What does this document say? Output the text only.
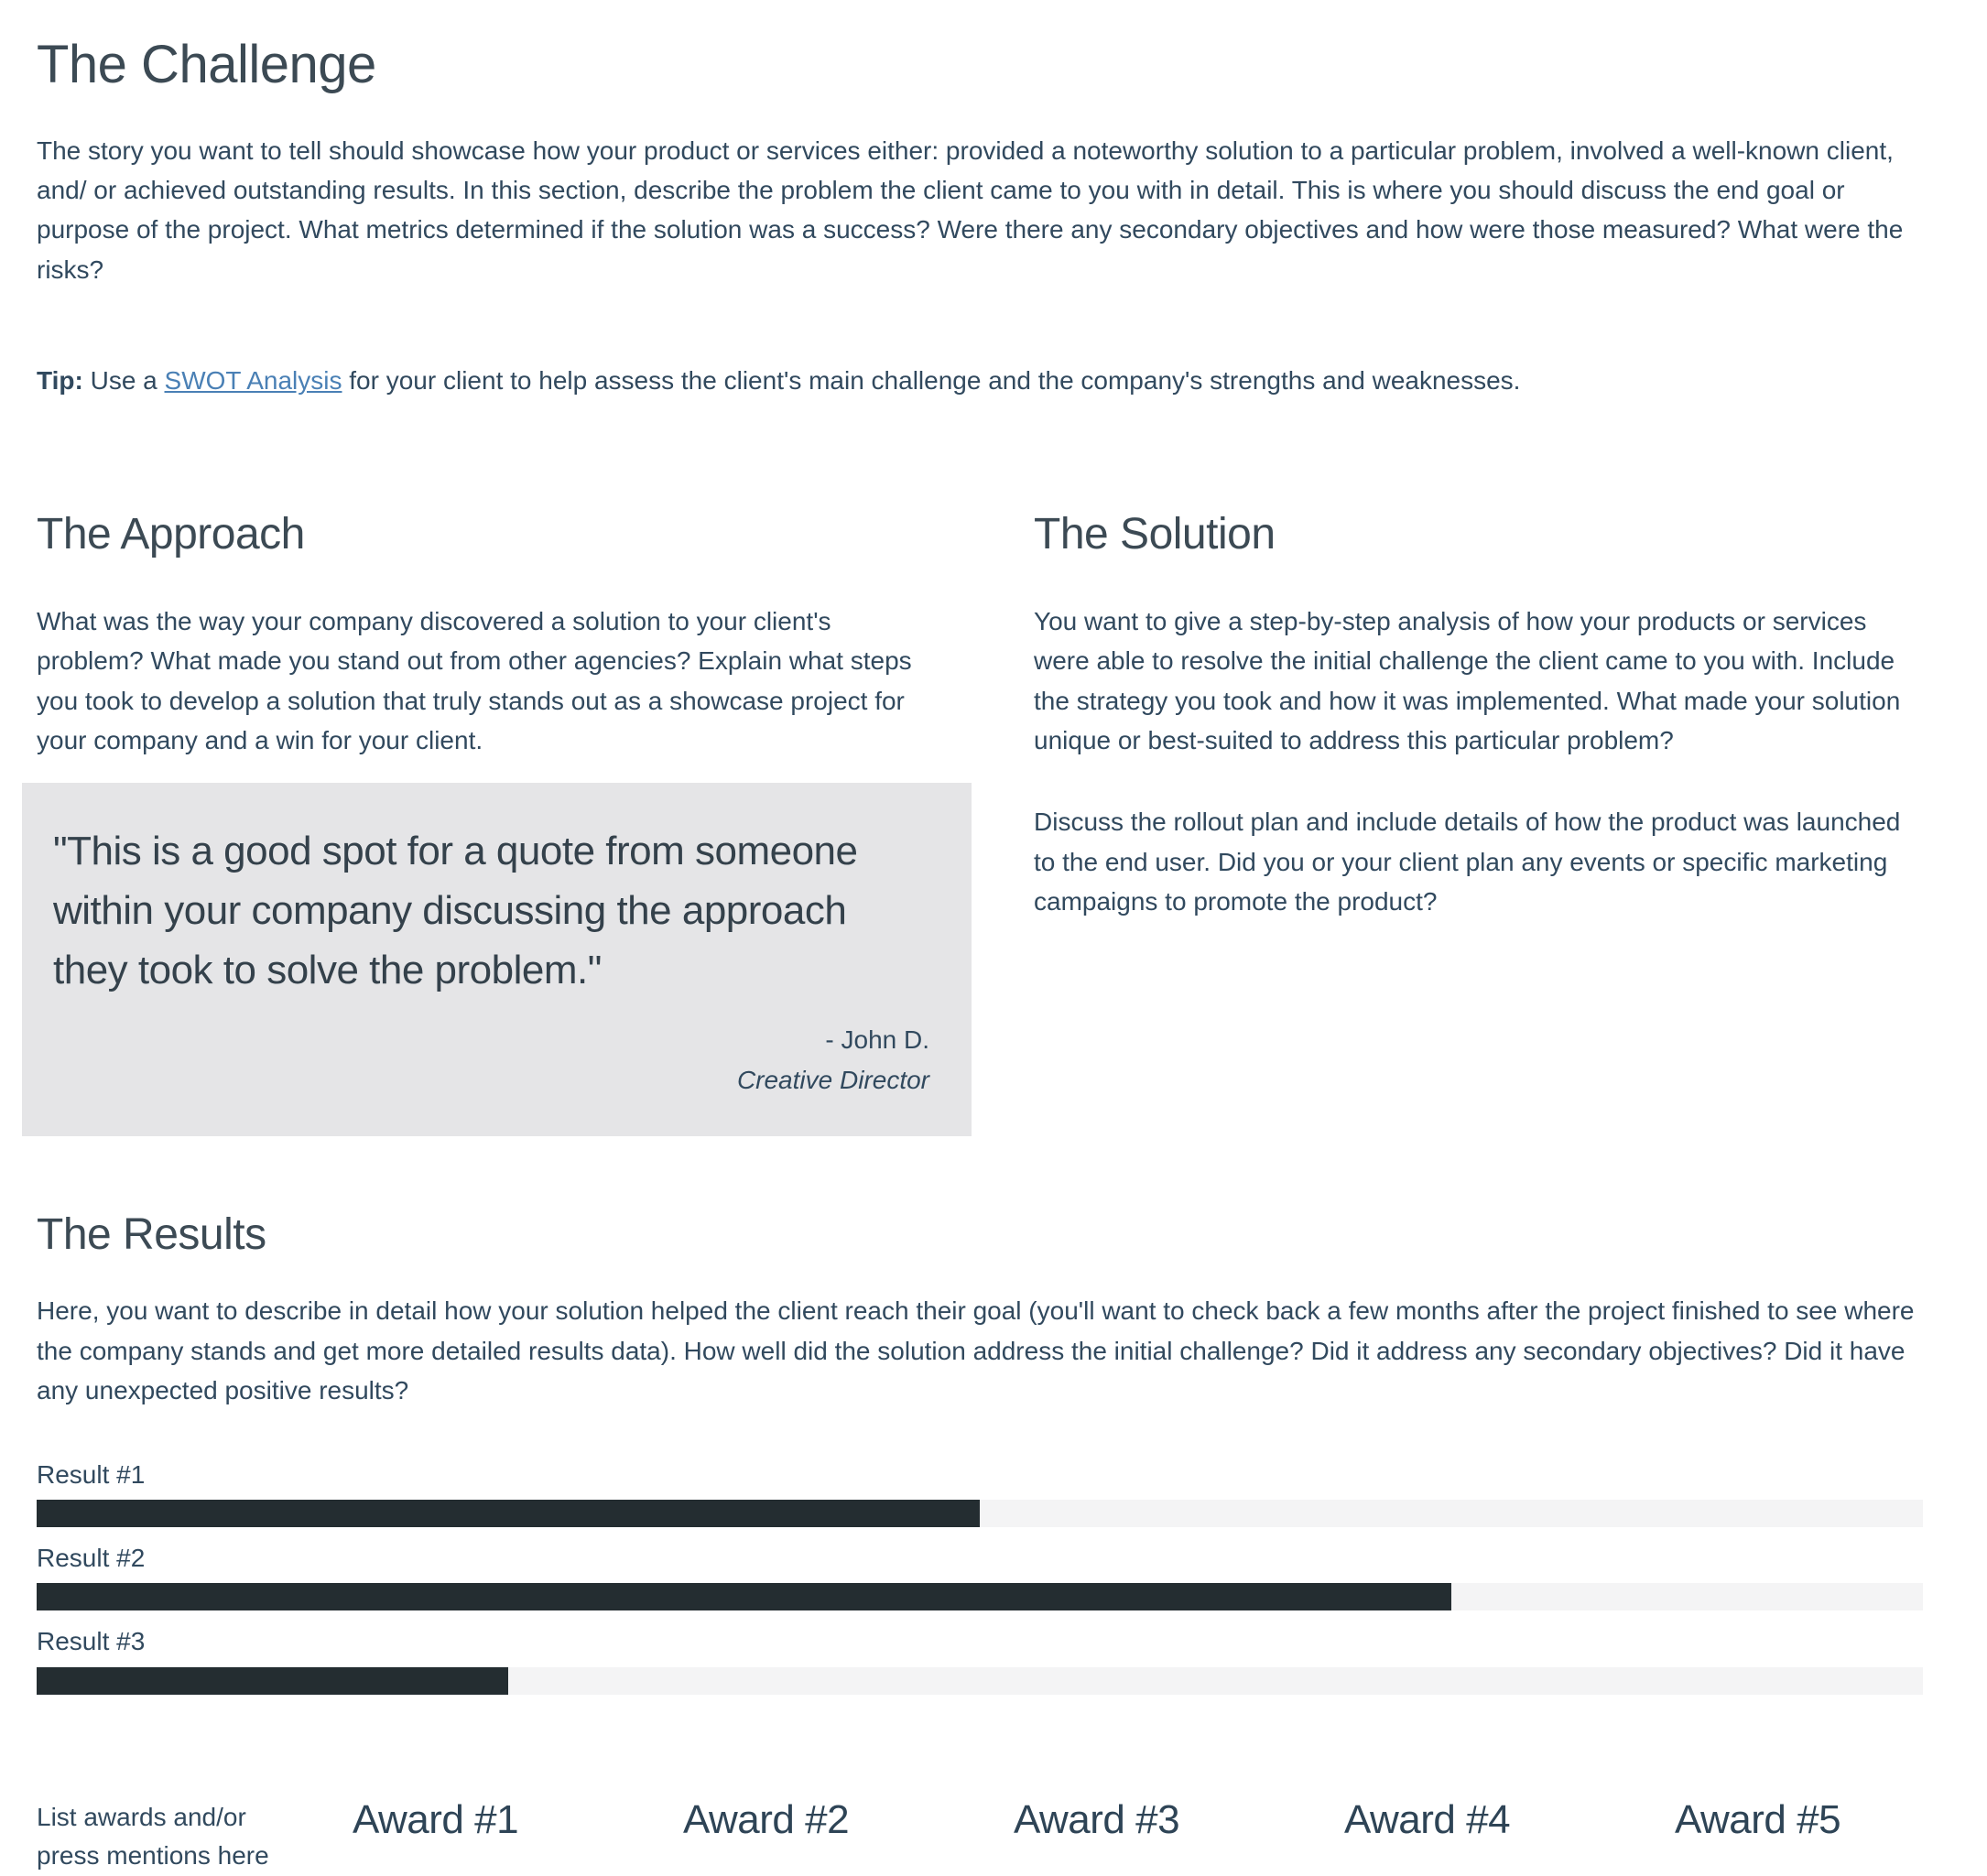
The Challenge

The story you want to tell should showcase how your product or services either: provided a noteworthy solution to a particular problem, involved a well-known client, and/ or achieved outstanding results. In this section, describe the problem the client came to you with in detail. This is where you should discuss the end goal or purpose of the project. What metrics determined if the solution was a success? Were there any secondary objectives and how were those measured? What were the risks?

Tip: Use a SWOT Analysis for your client to help assess the client's main challenge and the company's strengths and weaknesses.

The Approach

What was the way your company discovered a solution to your client's problem? What made you stand out from other agencies? Explain what steps you took to develop a solution that truly stands out as a showcase project for your company and a win for your client.

"This is a good spot for a quote from someone within your company discussing the approach they took to solve the problem."

- John D.

Creative Director

The Solution

You want to give a step-by-step analysis of how your products or services were able to resolve the initial challenge the client came to you with. Include the strategy you took and how it was implemented. What made your solution unique or best-suited to address this particular problem?

Discuss the rollout plan and include details of how the product was launched to the end user. Did you or your client plan any events or specific marketing campaigns to promote the product?

The Results

Here, you want to describe in detail how your solution helped the client reach their goal (you'll want to check back a few months after the project finished to see where the company stands and get more detailed results data). How well did the solution address the initial challenge? Did it address any secondary objectives? Did it have any unexpected positive results?

Result #1
Result #2
Result #3
List awards and/or press mentions here
Award #1	Award #2	Award #3	Award #4	Award #5
